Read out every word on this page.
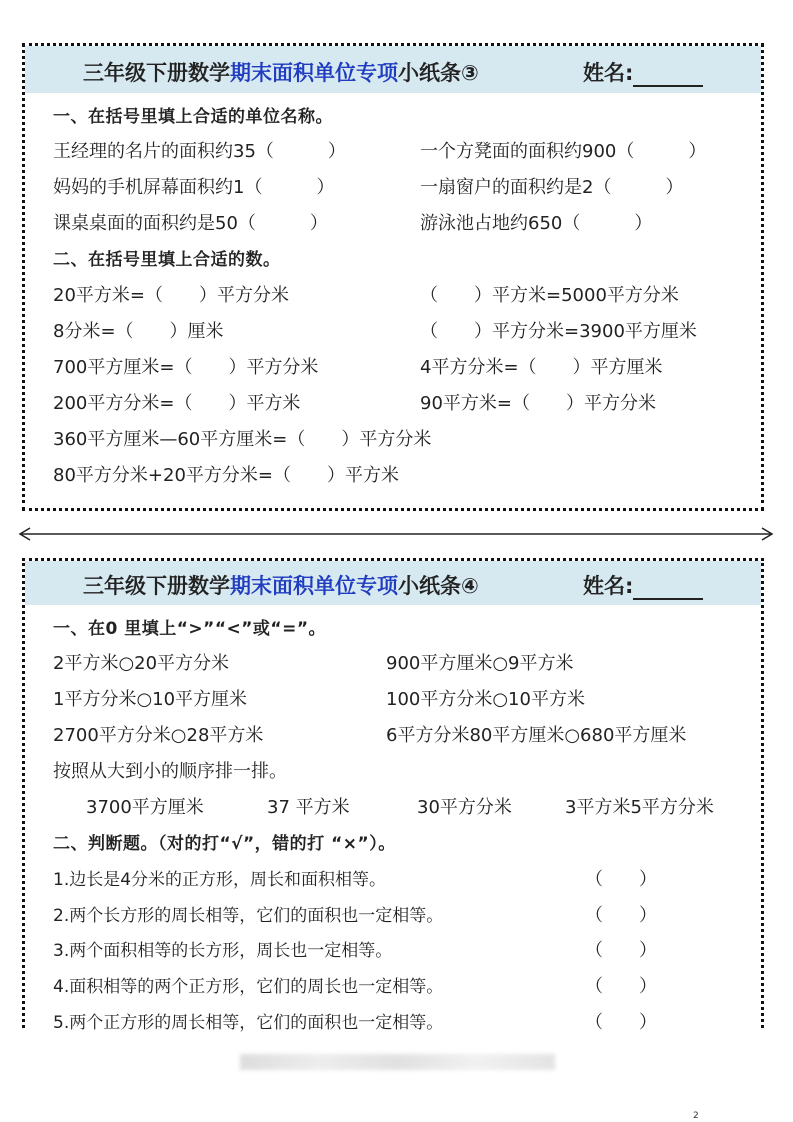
三年级下册数学期末面积单位专项小纸条③	姓名:
一、在括号里填上合适的单位名称。
王经理的名片的面积约35（　　　）	一个方凳面的面积约900（　　　）
妈妈的手机屏幕面积约1（　　　）	一扇窗户的面积约是2（　　　）
课桌桌面的面积约是50（　　　）	游泳池占地约650（　　　）
二、在括号里填上合适的数。
20平方米=（　　）平方分米	（　　）平方米=5000平方分米
8分米=（　　）厘米	（　　）平方分米=3900平方厘米
700平方厘米=（　　）平方分米	4平方分米=（　　）平方厘米
200平方分米=（　　）平方米	90平方米=（　　）平方分米
360平方厘米—60平方厘米=（　　）平方分米
80平方分米+20平方分米=（　　）平方米
三年级下册数学期末面积单位专项小纸条④	姓名:
一、在0 里填上“>”“<”或“=”。
2平方米○20平方分米	900平方厘米○9平方米
1平方分米○10平方厘米	100平方分米○10平方米
2700平方分米○28平方米	6平方分米80平方厘米○680平方厘米
按照从大到小的顺序排一排。
3700平方厘米	37 平方米	30平方分米	3平方米5平方分米
二、判断题。（对的打“√”，错的打 “×”）。
1.边长是4分米的正方形，周长和面积相等。	（　　）
2.两个长方形的周长相等，它们的面积也一定相等。	（　　）
3.两个面积相等的长方形，周长也一定相等。	（　　）
4.面积相等的两个正方形，它们的周长也一定相等。	（　　）
5.两个正方形的周长相等，它们的面积也一定相等。	（　　）
2
